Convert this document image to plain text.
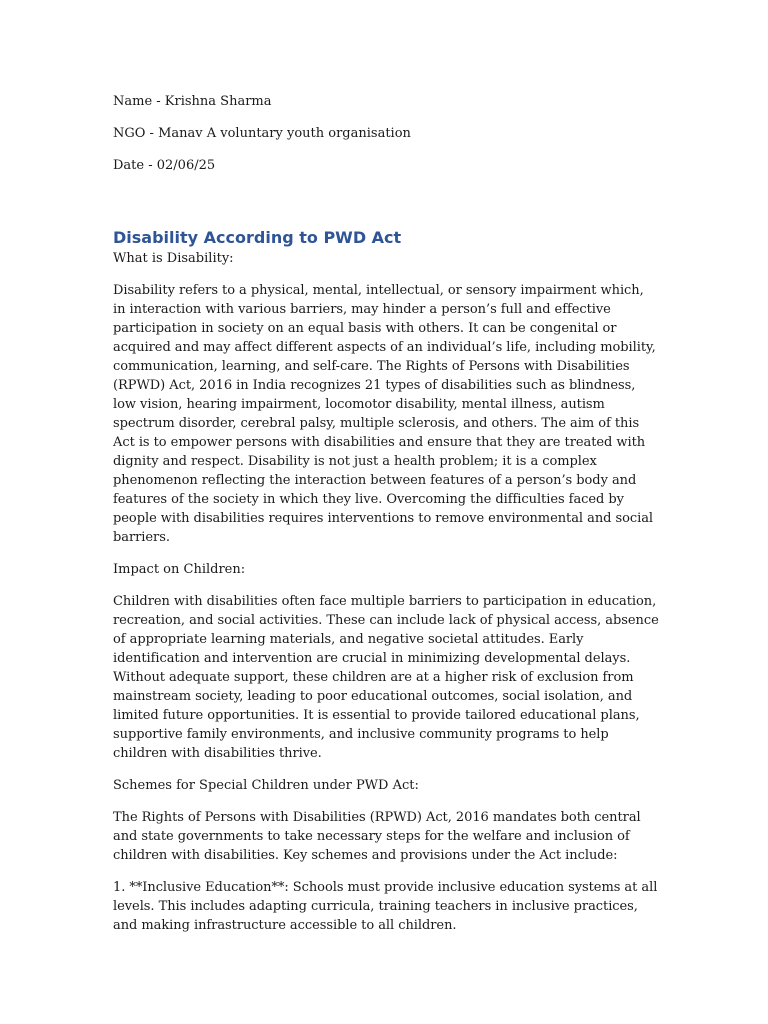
Name - Krishna Sharma

NGO - Manav A voluntary youth organisation

Date - 02/06/25

Disability According to PWD Act

What is Disability:

Disability refers to a physical, mental, intellectual, or sensory impairment which, in interaction with various barriers, may hinder a person’s full and effective participation in society on an equal basis with others. It can be congenital or acquired and may affect different aspects of an individual’s life, including mobility, communication, learning, and self-care. The Rights of Persons with Disabilities (RPWD) Act, 2016 in India recognizes 21 types of disabilities such as blindness, low vision, hearing impairment, locomotor disability, mental illness, autism spectrum disorder, cerebral palsy, multiple sclerosis, and others. The aim of this Act is to empower persons with disabilities and ensure that they are treated with dignity and respect. Disability is not just a health problem; it is a complex phenomenon reflecting the interaction between features of a person’s body and features of the society in which they live. Overcoming the difficulties faced by people with disabilities requires interventions to remove environmental and social barriers.

Impact on Children:

Children with disabilities often face multiple barriers to participation in education, recreation, and social activities. These can include lack of physical access, absence of appropriate learning materials, and negative societal attitudes. Early identification and intervention are crucial in minimizing developmental delays. Without adequate support, these children are at a higher risk of exclusion from mainstream society, leading to poor educational outcomes, social isolation, and limited future opportunities. It is essential to provide tailored educational plans, supportive family environments, and inclusive community programs to help children with disabilities thrive.

Schemes for Special Children under PWD Act:

The Rights of Persons with Disabilities (RPWD) Act, 2016 mandates both central and state governments to take necessary steps for the welfare and inclusion of children with disabilities. Key schemes and provisions under the Act include:

1. **Inclusive Education**: Schools must provide inclusive education systems at all levels. This includes adapting curricula, training teachers in inclusive practices, and making infrastructure accessible to all children.
